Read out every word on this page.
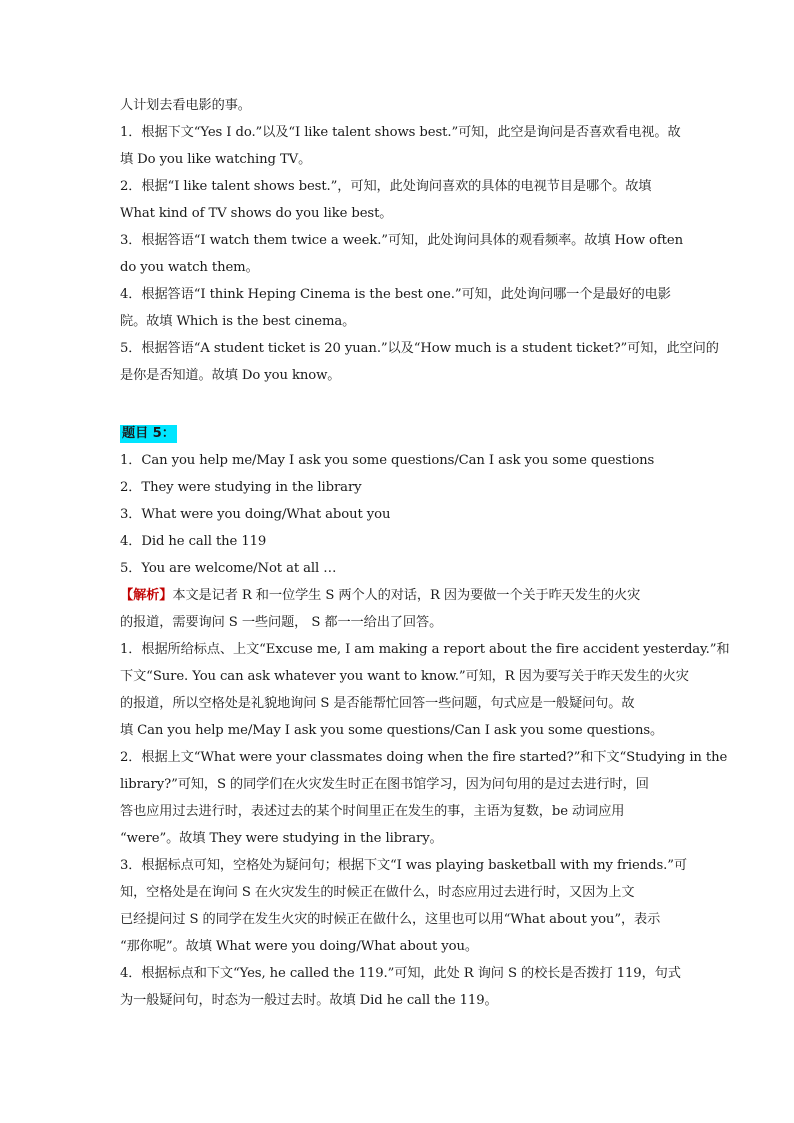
人计划去看电影的事。
1．根据下文“Yes I do.”以及“I like talent shows best.”可知，此空是询问是否喜欢看电视。故
填 Do you like watching TV。
2．根据“I like talent shows best.”，可知，此处询问喜欢的具体的电视节目是哪个。故填
What kind of TV shows do you like best。
3．根据答语“I watch them twice a week.”可知，此处询问具体的观看频率。故填 How often
do you watch them。
4．根据答语“I think Heping Cinema is the best one.”可知，此处询问哪一个是最好的电影
院。故填 Which is the best cinema。
5．根据答语“A student ticket is 20 yuan.”以及“How much is a student ticket?”可知，此空问的
是你是否知道。故填 Do you know。
题目 5：
1．Can you help me/May I ask you some questions/Can I ask you some questions
2．They were studying in the library
3．What were you doing/What about you
4．Did he call the 119
5．You are welcome/Not at all …
【解析】本文是记者 R 和一位学生 S 两个人的对话，R 因为要做一个关于昨天发生的火灾
的报道，需要询问 S 一些问题， S 都一一给出了回答。
1．根据所给标点、上文“Excuse me, I am making a report about the fire accident yesterday.”和
下文“Sure. You can ask whatever you want to know.”可知，R 因为要写关于昨天发生的火灾
的报道，所以空格处是礼貌地询问 S 是否能帮忙回答一些问题，句式应是一般疑问句。故
填 Can you help me/May I ask you some questions/Can I ask you some questions。
2．根据上文“What were your classmates doing when the fire started?”和下文“Studying in the
library?”可知，S 的同学们在火灾发生时正在图书馆学习，因为问句用的是过去进行时，回
答也应用过去进行时，表述过去的某个时间里正在发生的事，主语为复数，be 动词应用
“were”。故填 They were studying in the library。
3．根据标点可知，空格处为疑问句；根据下文“I was playing basketball with my friends.”可
知，空格处是在询问 S 在火灾发生的时候正在做什么，时态应用过去进行时，又因为上文
已经提问过 S 的同学在发生火灾的时候正在做什么，这里也可以用“What about you”，表示
“那你呢”。故填 What were you doing/What about you。
4．根据标点和下文“Yes, he called the 119.”可知，此处 R 询问 S 的校长是否拨打 119，句式
为一般疑问句，时态为一般过去时。故填 Did he call the 119。
